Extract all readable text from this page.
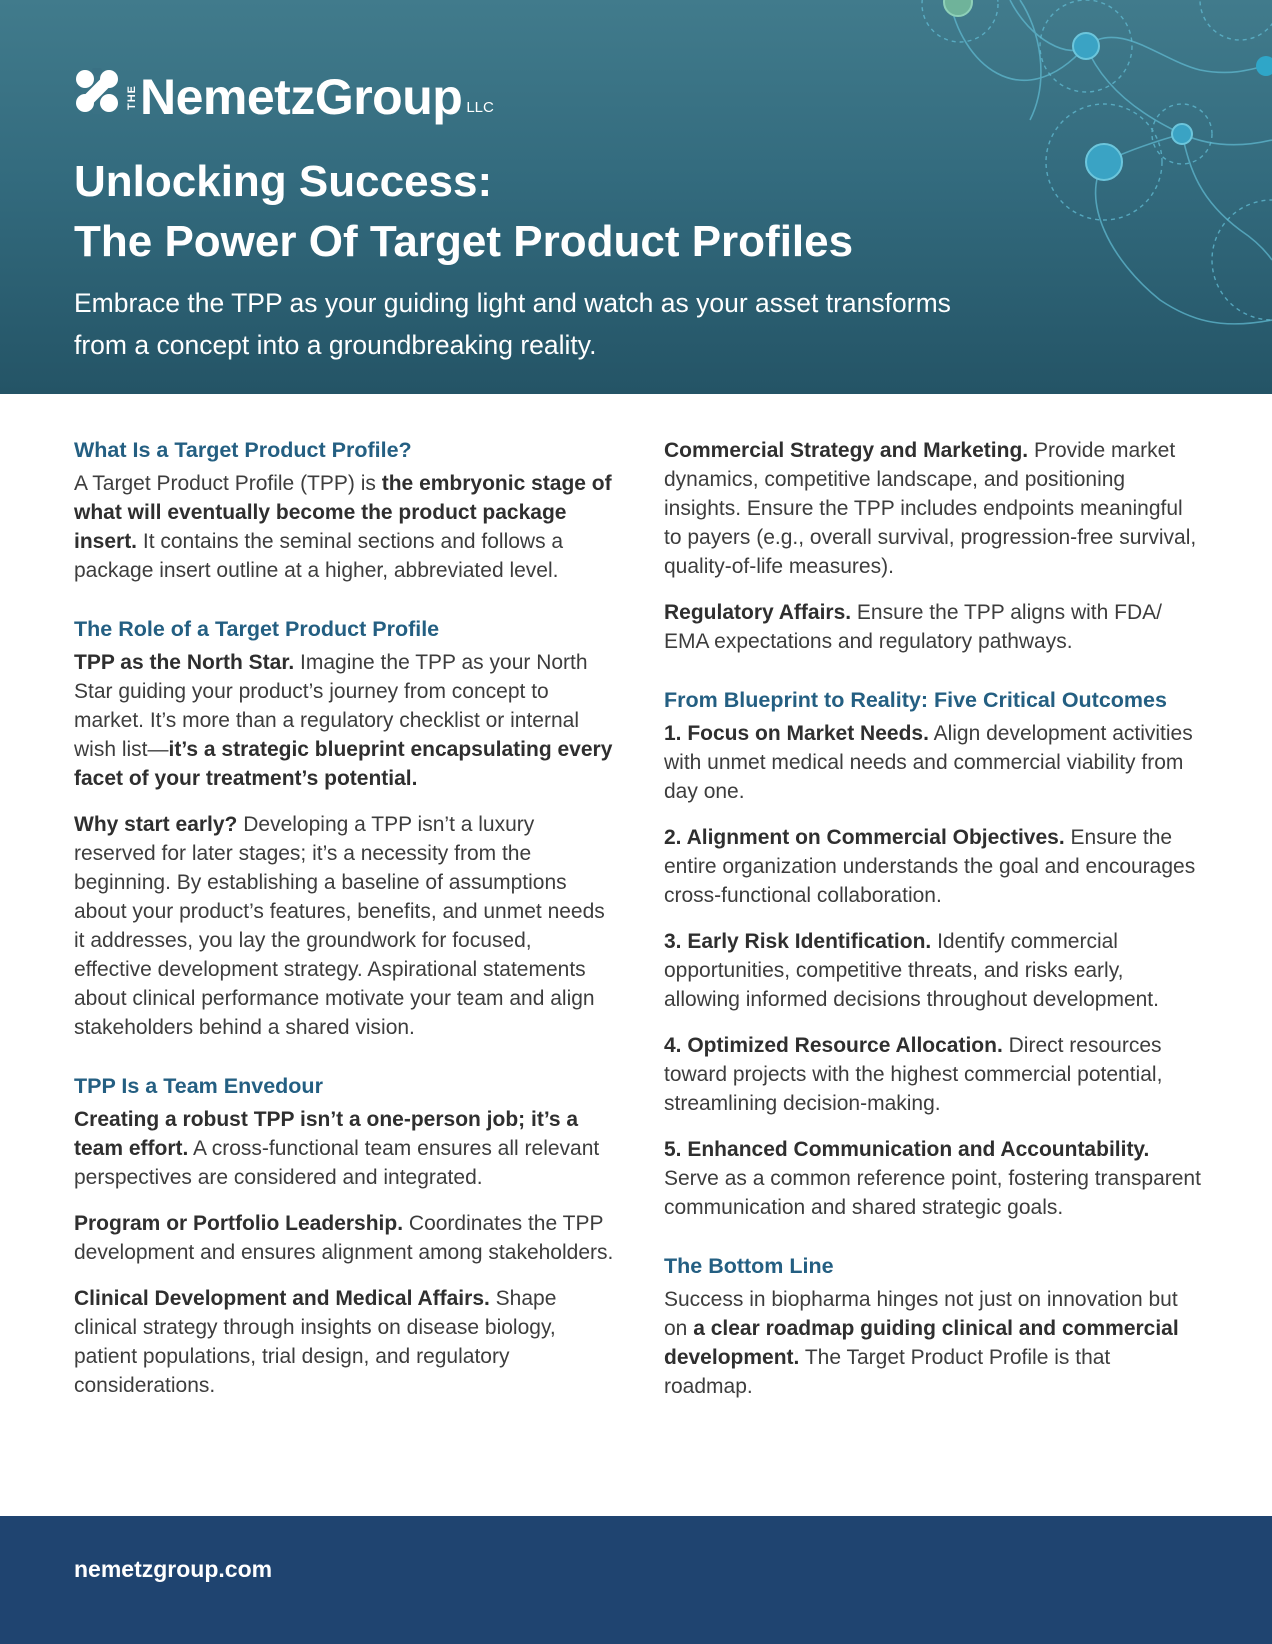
THE NemetzGroup LLC
Unlocking Success:
The Power Of Target Product Profiles
Embrace the TPP as your guiding light and watch as your asset transforms
from a concept into a groundbreaking reality.
What Is a Target Product Profile?

A Target Product Profile (TPP) is the embryonic stage of what will eventually become the product package insert. It contains the seminal sections and follows a package insert outline at a higher, abbreviated level.

The Role of a Target Product Profile

TPP as the North Star. Imagine the TPP as your North Star guiding your product’s journey from concept to market. It’s more than a regulatory checklist or internal wish list—it’s a strategic blueprint encapsulating every facet of your treatment’s potential.

Why start early? Developing a TPP isn’t a luxury reserved for later stages; it’s a necessity from the beginning. By establishing a baseline of assumptions about your product’s features, benefits, and unmet needs it addresses, you lay the groundwork for focused, effective development strategy. Aspirational statements about clinical performance motivate your team and align stakeholders behind a shared vision.

TPP Is a Team Envedour

Creating a robust TPP isn’t a one-person job; it’s a team effort. A cross-functional team ensures all relevant perspectives are considered and integrated.

Program or Portfolio Leadership. Coordinates the TPP development and ensures alignment among stakeholders.

Clinical Development and Medical Affairs. Shape clinical strategy through insights on disease biology, patient populations, trial design, and regulatory considerations.

Commercial Strategy and Marketing. Provide market dynamics, competitive landscape, and positioning insights. Ensure the TPP includes endpoints meaningful to payers (e.g., overall survival, progression-free survival, quality-of-life measures).

Regulatory Affairs. Ensure the TPP aligns with FDA/ EMA expectations and regulatory pathways.

From Blueprint to Reality: Five Critical Outcomes

1. Focus on Market Needs. Align development activities with unmet medical needs and commercial viability from day one.

2. Alignment on Commercial Objectives. Ensure the entire organization understands the goal and encourages cross-functional collaboration.

3. Early Risk Identification. Identify commercial opportunities, competitive threats, and risks early, allowing informed decisions throughout development.

4. Optimized Resource Allocation. Direct resources toward projects with the highest commercial potential, streamlining decision-making.

5. Enhanced Communication and Accountability. Serve as a common reference point, fostering transparent communication and shared strategic goals.

The Bottom Line

Success in biopharma hinges not just on innovation but on a clear roadmap guiding clinical and commercial development. The Target Product Profile is that roadmap.

nemetzgroup.com
